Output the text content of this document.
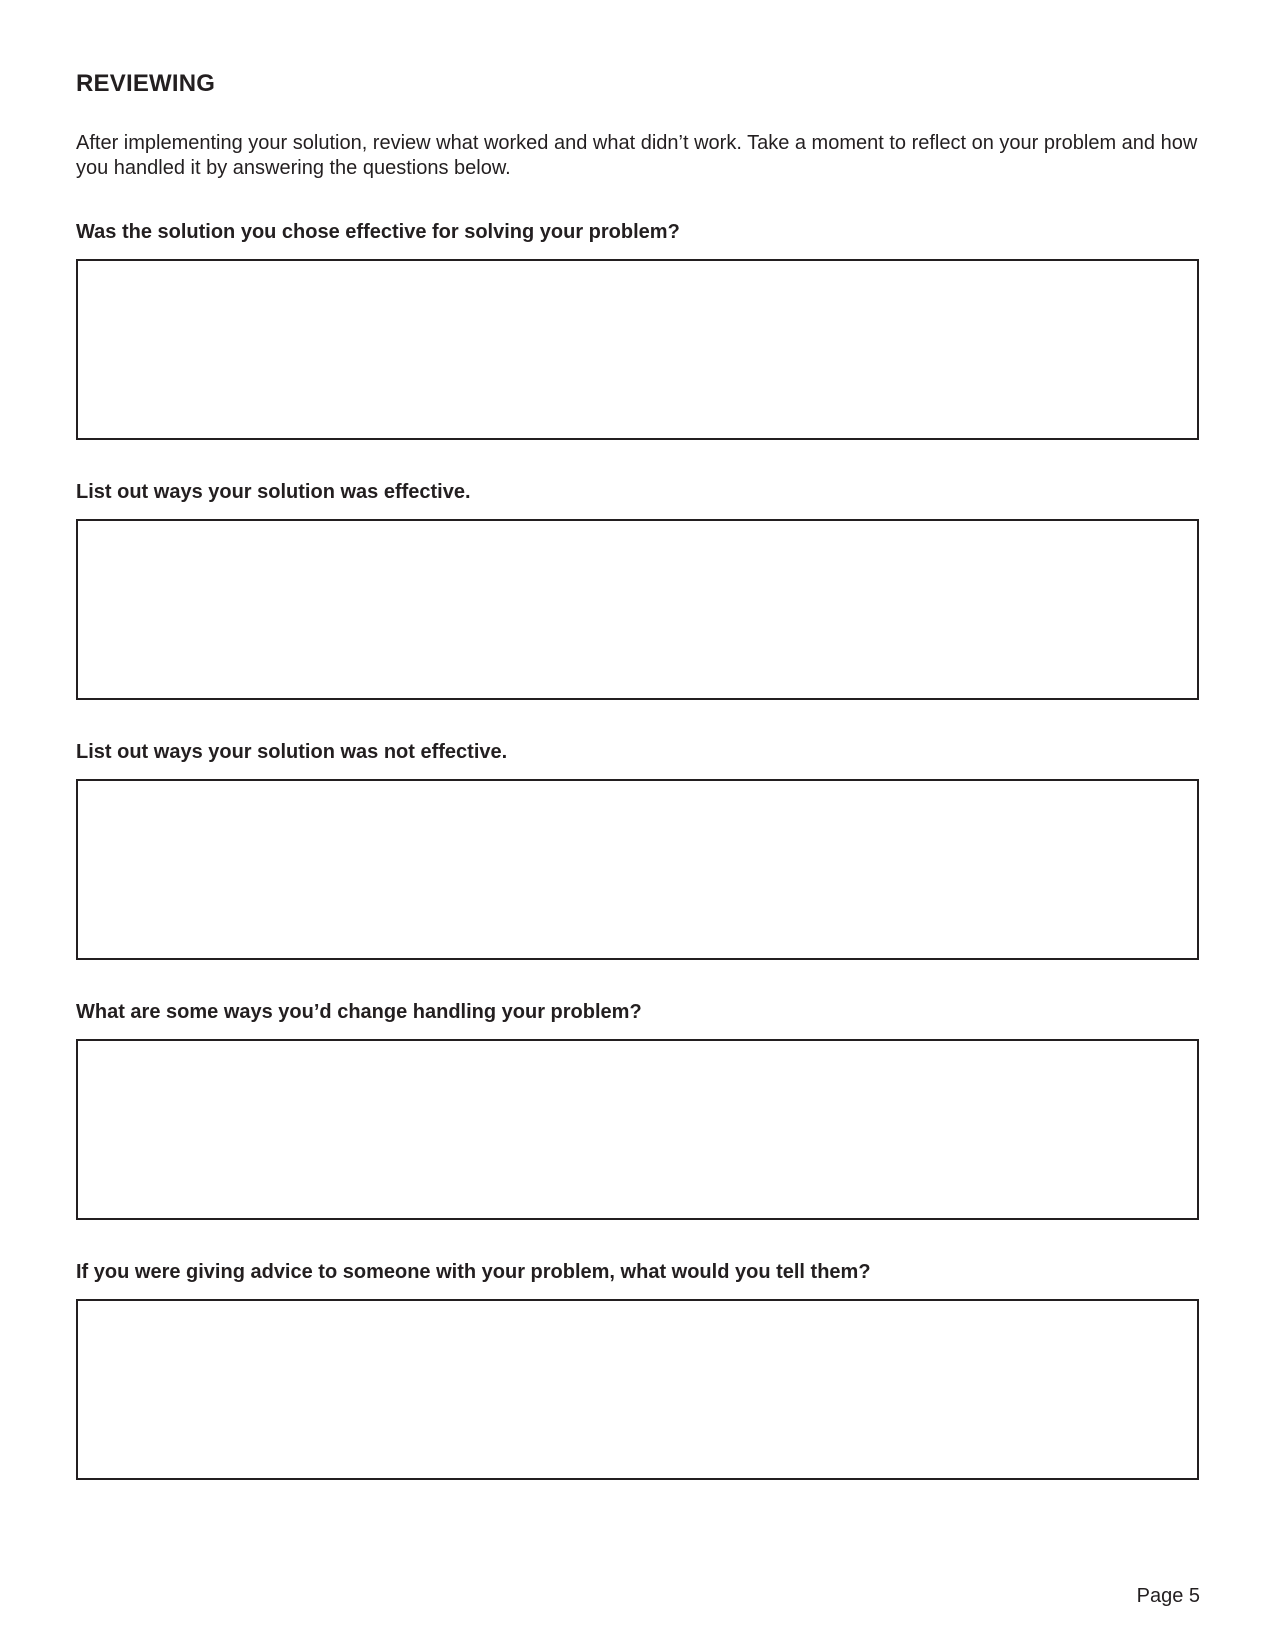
REVIEWING

After implementing your solution, review what worked and what didn’t work. Take a moment to reflect on your problem and how you handled it by answering the questions below.

Was the solution you chose effective for solving your problem?
List out ways your solution was effective.
List out ways your solution was not effective.
What are some ways you’d change handling your problem?
If you were giving advice to someone with your problem, what would you tell them?
Page 5
